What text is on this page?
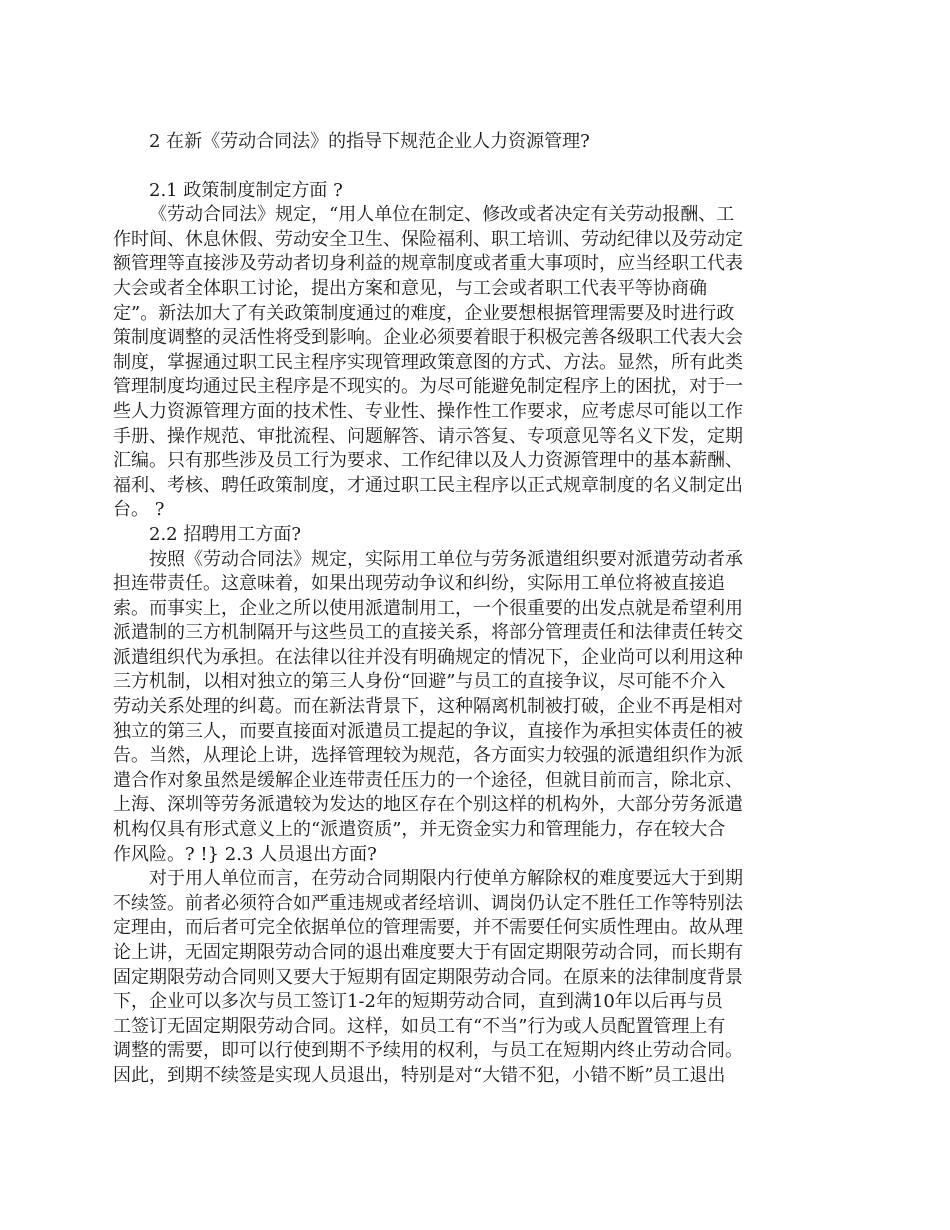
2 在新《劳动合同法》的指导下规范企业人力资源管理?
2.1 政策制度制定方面 ?
《劳动合同法》规定，“用人单位在制定、修改或者决定有关劳动报酬、工
作时间、休息休假、劳动安全卫生、保险福利、职工培训、劳动纪律以及劳动定
额管理等直接涉及劳动者切身利益的规章制度或者重大事项时，应当经职工代表
大会或者全体职工讨论，提出方案和意见，与工会或者职工代表平等协商确
定”。新法加大了有关政策制度通过的难度，企业要想根据管理需要及时进行政
策制度调整的灵活性将受到影响。企业必须要着眼于积极完善各级职工代表大会
制度，掌握通过职工民主程序实现管理政策意图的方式、方法。显然，所有此类
管理制度均通过民主程序是不现实的。为尽可能避免制定程序上的困扰，对于一
些人力资源管理方面的技术性、专业性、操作性工作要求，应考虑尽可能以工作
手册、操作规范、审批流程、问题解答、请示答复、专项意见等名义下发，定期
汇编。只有那些涉及员工行为要求、工作纪律以及人力资源管理中的基本薪酬、
福利、考核、聘任政策制度，才通过职工民主程序以正式规章制度的名义制定出
台。 ?
2.2 招聘用工方面?
按照《劳动合同法》规定，实际用工单位与劳务派遣组织要对派遣劳动者承
担连带责任。这意味着，如果出现劳动争议和纠纷，实际用工单位将被直接追
索。而事实上，企业之所以使用派遣制用工，一个很重要的出发点就是希望利用
派遣制的三方机制隔开与这些员工的直接关系，将部分管理责任和法律责任转交
派遣组织代为承担。在法律以往并没有明确规定的情况下，企业尚可以利用这种
三方机制，以相对独立的第三人身份“回避”与员工的直接争议，尽可能不介入
劳动关系处理的纠葛。而在新法背景下，这种隔离机制被打破，企业不再是相对
独立的第三人，而要直接面对派遣员工提起的争议，直接作为承担实体责任的被
告。当然，从理论上讲，选择管理较为规范，各方面实力较强的派遣组织作为派
遣合作对象虽然是缓解企业连带责任压力的一个途径，但就目前而言，除北京、
上海、深圳等劳务派遣较为发达的地区存在个别这样的机构外，大部分劳务派遣
机构仅具有形式意义上的“派遣资质”，并无资金实力和管理能力，存在较大合
作风险。? !} 2.3 人员退出方面?
对于用人单位而言，在劳动合同期限内行使单方解除权的难度要远大于到期
不续签。前者必须符合如严重违规或者经培训、调岗仍认定不胜任工作等特别法
定理由，而后者可完全依据单位的管理需要，并不需要任何实质性理由。故从理
论上讲，无固定期限劳动合同的退出难度要大于有固定期限劳动合同，而长期有
固定期限劳动合同则又要大于短期有固定期限劳动合同。在原来的法律制度背景
下，企业可以多次与员工签订1-2年的短期劳动合同，直到满10年以后再与员
工签订无固定期限劳动合同。这样，如员工有“不当”行为或人员配置管理上有
调整的需要，即可以行使到期不予续用的权利，与员工在短期内终止劳动合同。
因此，到期不续签是实现人员退出，特别是对“大错不犯，小错不断”员工退出
